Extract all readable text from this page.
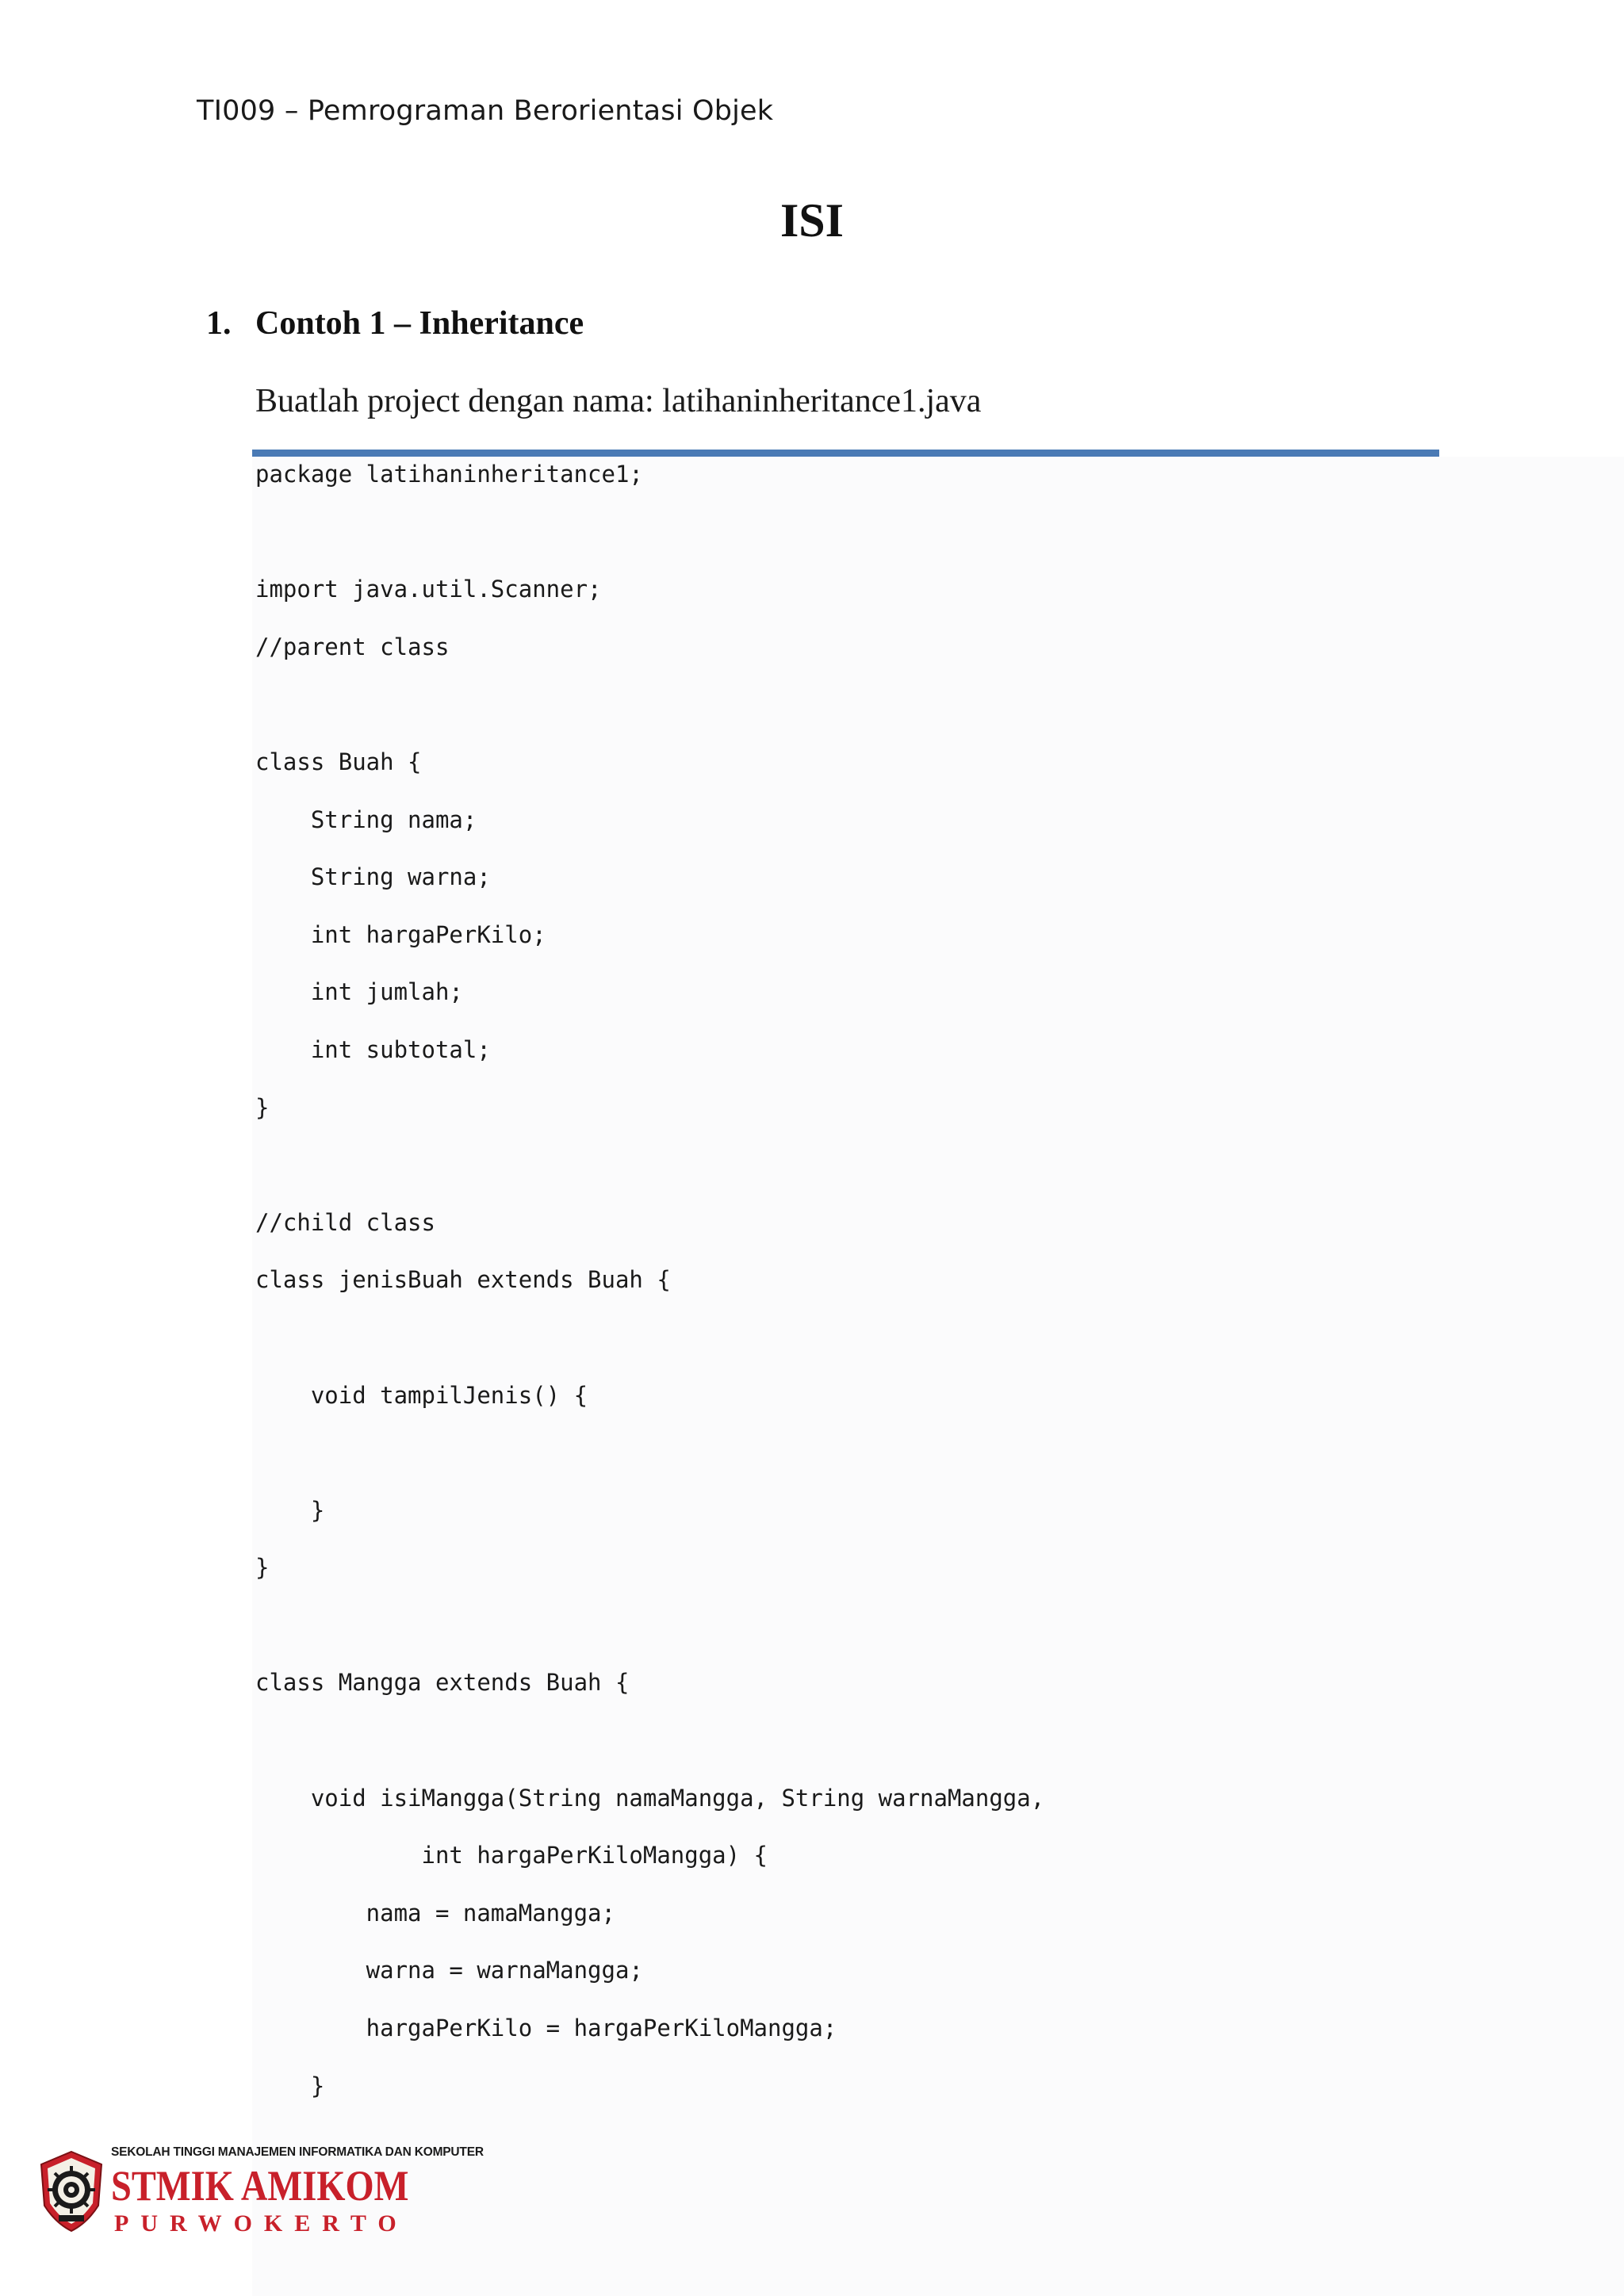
TI009 – Pemrograman Berorientasi Objek
ISI
1. Contoh 1 – Inheritance
Buatlah project dengan nama: latihaninheritance1.java
package latihaninheritance1;
import java.util.Scanner;
//parent class
class Buah {
String nama;
String warna;
int hargaPerKilo;
int jumlah;
int subtotal;
}
//child class
class jenisBuah extends Buah {
void tampilJenis() {
}
}
class Mangga extends Buah {
void isiMangga(String namaMangga, String warnaMangga,
int hargaPerKiloMangga) {
nama = namaMangga;
warna = warnaMangga;
hargaPerKilo = hargaPerKiloMangga;
}
SEKOLAH TINGGI MANAJEMEN INFORMATIKA DAN KOMPUTER
STMIK AMIKOM
PURWOKERTO
